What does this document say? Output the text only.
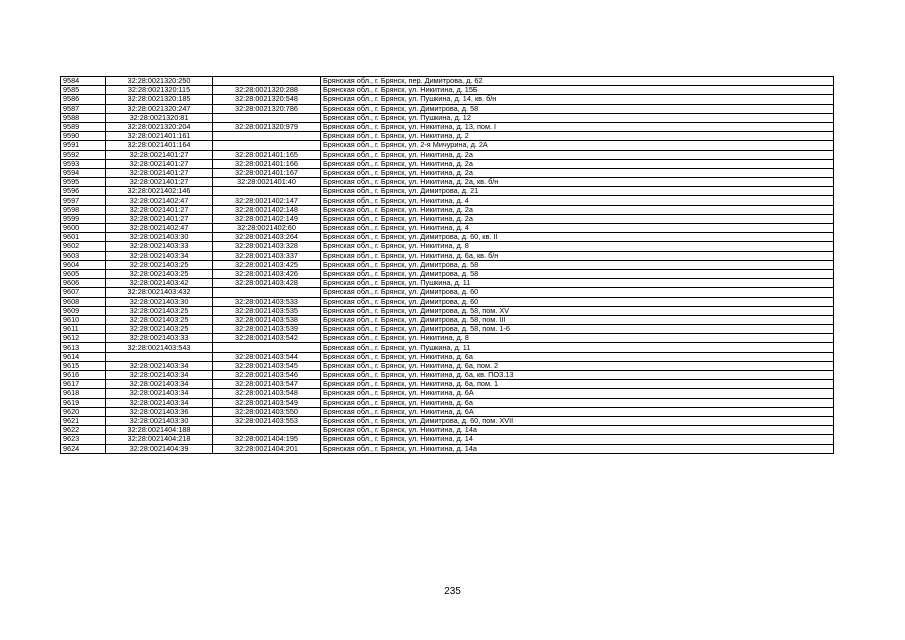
9584	32:28:0021320:250		Брянская обл., г. Брянск, пер. Димитрова, д. 62
9585	32:28:0021320:115	32:28:0021320:288	Брянская обл., г. Брянск, ул. Никитина, д. 15Б
9586	32:28:0021320:185	32:28:0021320:548	Брянская обл., г. Брянск, ул. Пушкина, д. 14, кв. б/н
9587	32:28:0021320:247	32:28:0021320:786	Брянская обл., г. Брянск, ул. Димитрова, д. 58
9588	32:28:0021320:81		Брянская обл., г. Брянск, ул. Пушкина, д. 12
9589	32:28:0021320:204	32:28:0021320:979	Брянская обл., г. Брянск, ул. Никитина, д. 13, пом. I
9590	32:28:0021401:161		Брянская обл., г. Брянск, ул. Никитина, д. 2
9591	32:28:0021401:164		Брянская обл., г. Брянск, ул. 2-я Мичурина, д. 2А
9592	32:28:0021401:27	32:28:0021401:165	Брянская обл., г. Брянск, ул. Никитина, д. 2а
9593	32:28:0021401:27	32:28:0021401:166	Брянская обл., г. Брянск, ул. Никитина, д. 2а
9594	32:28:0021401:27	32:28:0021401:167	Брянская обл., г. Брянск, ул. Никитина, д. 2а
9595	32:28:0021401:27	32:28:0021401:40	Брянская обл., г. Брянск, ул. Никитина, д. 2а, кв. б/н
9596	32:28:0021402:146		Брянская обл., г. Брянск, ул. Димитрова, д. 21
9597	32:28:0021402:47	32:28:0021402:147	Брянская обл., г. Брянск, ул. Никитина, д. 4
9598	32:28:0021401:27	32:28:0021402:148	Брянская обл., г. Брянск, ул. Никитина, д. 2а
9599	32:28:0021401:27	32:28:0021402:149	Брянская обл., г. Брянск, ул. Никитина, д. 2а
9600	32:28:0021402:47	32:28:0021402:60	Брянская обл., г. Брянск, ул. Никитина, д. 4
9601	32:28:0021403:30	32:28:0021403:264	Брянская обл., г. Брянск, ул. Димитрова, д. 60, кв. II
9602	32:28:0021403:33	32:28:0021403:328	Брянская обл., г. Брянск, ул. Никитина, д. 8
9603	32:28:0021403:34	32:28:0021403:337	Брянская обл., г. Брянск, ул. Никитина, д. 6а, кв. б/н
9604	32:28:0021403:25	32:28:0021403:425	Брянская обл., г. Брянск, ул. Димитрова, д. 58
9605	32:28:0021403:25	32:28:0021403:426	Брянская обл., г. Брянск, ул. Димитрова, д. 58
9606	32:28:0021403:42	32:28:0021403:428	Брянская обл., г. Брянск, ул. Пушкина, д. 11
9607	32:28:0021403:432		Брянская обл., г. Брянск, ул. Димитрова, д. 60
9608	32:28:0021403:30	32:28:0021403:533	Брянская обл., г. Брянск, ул. Димитрова, д. 60
9609	32:28:0021403:25	32:28:0021403:535	Брянская обл., г. Брянск, ул. Димитрова, д. 58, пом. XV
9610	32:28:0021403:25	32:28:0021403:538	Брянская обл., г. Брянск, ул. Димитрова, д. 58, пом. III
9611	32:28:0021403:25	32:28:0021403:539	Брянская обл., г. Брянск, ул. Димитрова, д. 58, пом. 1-6
9612	32:28:0021403:33	32:28:0021403:542	Брянская обл., г. Брянск, ул. Никитина, д. 8
9613	32:28:0021403:543		Брянская обл., г. Брянск, ул. Пушкина, д. 11
9614		32:28:0021403:544	Брянская обл., г. Брянск, ул. Никитина, д. 6а
9615	32:28:0021403:34	32:28:0021403:545	Брянская обл., г. Брянск, ул. Никитина, д. 6а, пом. 2
9616	32:28:0021403:34	32:28:0021403:546	Брянская обл., г. Брянск, ул. Никитина, д. 6а, кв. ПОЗ.13
9617	32:28:0021403:34	32:28:0021403:547	Брянская обл., г. Брянск, ул. Никитина, д. 6а, пом. 1
9618	32:28:0021403:34	32:28:0021403:548	Брянская обл., г. Брянск, ул. Никитина, д. 6А
9619	32:28:0021403:34	32:28:0021403:549	Брянская обл., г. Брянск, ул. Никитина, д. 6а
9620	32:28:0021403:36	32:28:0021403:550	Брянская обл., г. Брянск, ул. Никитина, д. 6А
9621	32:28:0021403:30	32:28:0021403:553	Брянская обл., г. Брянск, ул. Димитрова, д. 60, пом. XVII
9622	32:28:0021404:188		Брянская обл., г. Брянск, ул. Никитина, д. 14а
9623	32:28:0021404:218	32:28:0021404:195	Брянская обл., г. Брянск, ул. Никитина, д. 14
9624	32:28:0021404:39	32:28:0021404:201	Брянская обл., г. Брянск, ул. Никитина, д. 14а
235
